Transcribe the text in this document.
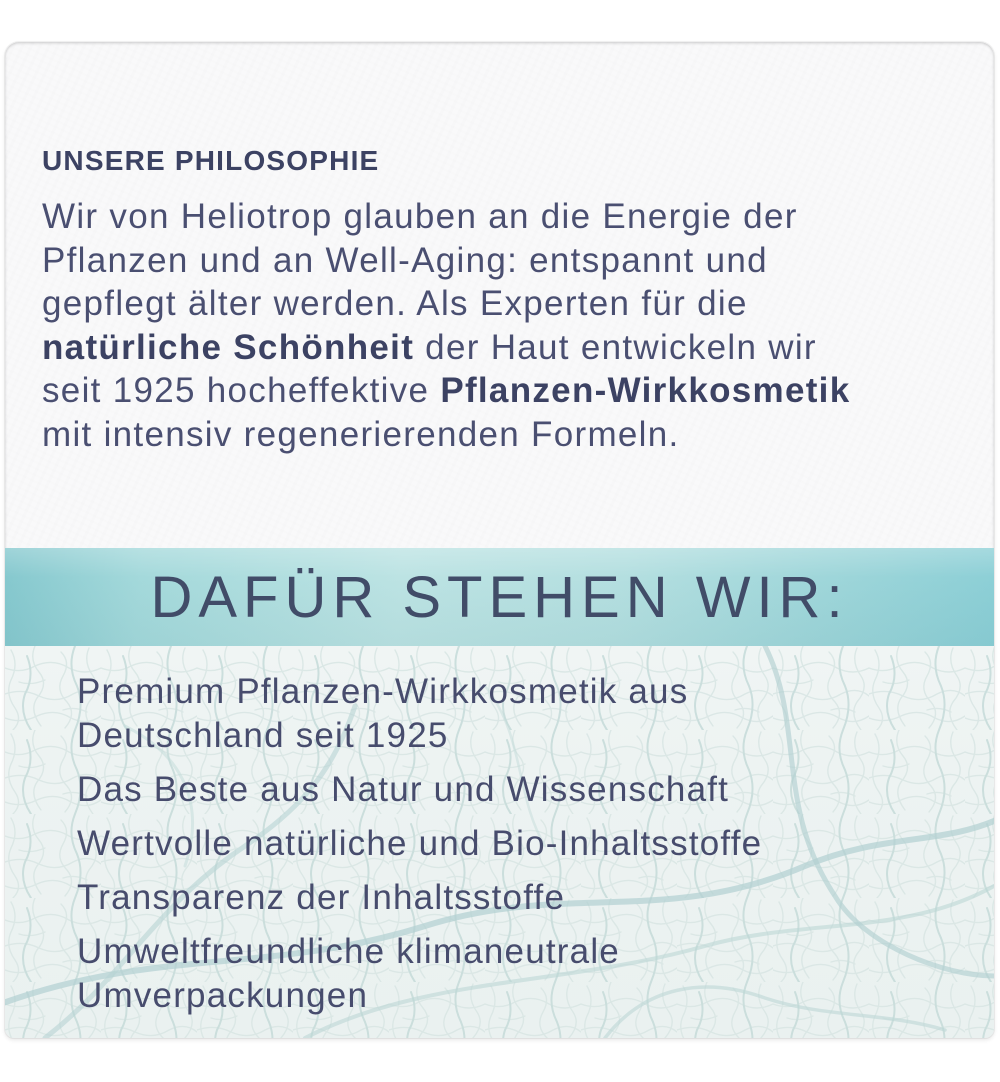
UNSERE PHILOSOPHIE
Wir von Heliotrop glauben an die Energie der
Pflanzen und an Well-Aging: entspannt und
gepflegt älter werden. Als Experten für die
natürliche Schönheit der Haut entwickeln wir
seit 1925 hocheffektive Pflanzen-Wirkkosmetik
mit intensiv regenerierenden Formeln.
DAFÜR STEHEN WIR:
Premium Pflanzen-Wirkkosmetik aus
Deutschland seit 1925
Das Beste aus Natur und Wissenschaft
Wertvolle natürliche und Bio-Inhaltsstoffe
Transparenz der Inhaltsstoffe
Umweltfreundliche klimaneutrale
Umverpackungen
